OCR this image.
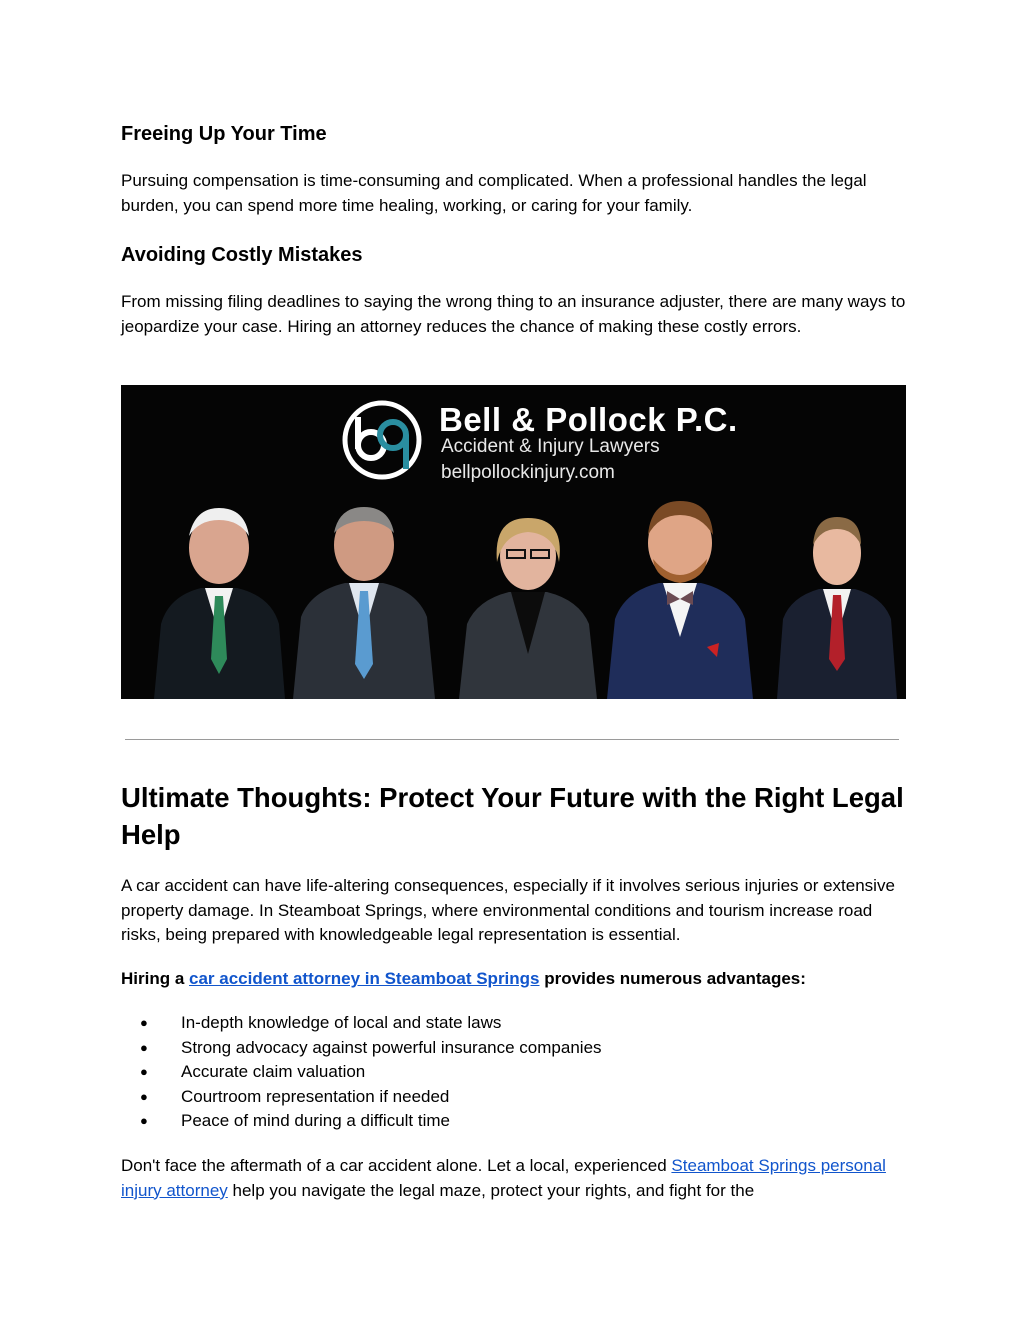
Freeing Up Your Time

Pursuing compensation is time-consuming and complicated. When a professional handles the legal burden, you can spend more time healing, working, or caring for your family.

Avoiding Costly Mistakes

From missing filing deadlines to saying the wrong thing to an insurance adjuster, there are many ways to jeopardize your case. Hiring an attorney reduces the chance of making these costly errors.

Bell & Pollock P.C.
Accident & Injury Lawyers
bellpollockinjury.com
Ultimate Thoughts: Protect Your Future with the Right Legal Help

A car accident can have life-altering consequences, especially if it involves serious injuries or extensive property damage. In Steamboat Springs, where environmental conditions and tourism increase road risks, being prepared with knowledgeable legal representation is essential.

Hiring a car accident attorney in Steamboat Springs provides numerous advantages:

● In-depth knowledge of local and state laws
● Strong advocacy against powerful insurance companies
● Accurate claim valuation
● Courtroom representation if needed
● Peace of mind during a difficult time

Don't face the aftermath of a car accident alone. Let a local, experienced Steamboat Springs personal injury attorney help you navigate the legal maze, protect your rights, and fight for the
